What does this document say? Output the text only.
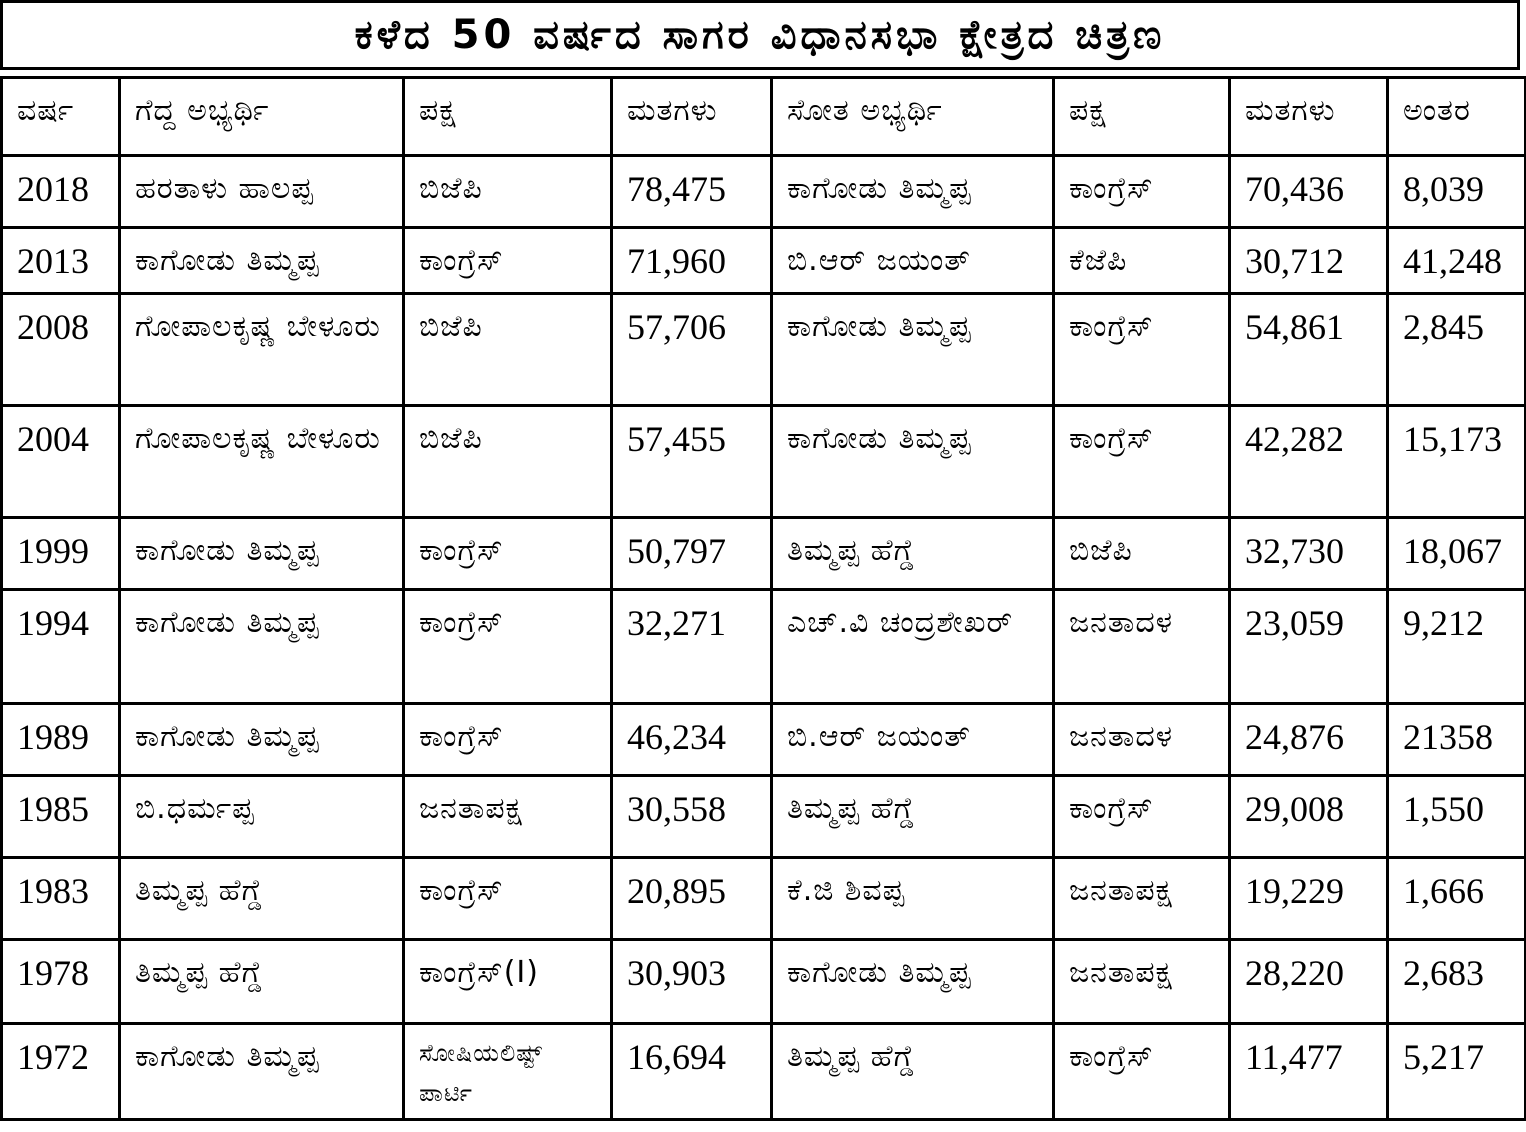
ಕಳೆದ 50 ವರ್ಷದ ಸಾಗರ ವಿಧಾನಸಭಾ ಕ್ಷೇತ್ರದ ಚಿತ್ರಣ
ವರ್ಷ	ಗೆದ್ದ ಅಭ್ಯರ್ಥಿ	ಪಕ್ಷ	ಮತಗಳು	ಸೋತ ಅಭ್ಯರ್ಥಿ	ಪಕ್ಷ	ಮತಗಳು	ಅಂತರ
2018	ಹರತಾಳು ಹಾಲಪ್ಪ	ಬಿಜೆಪಿ	78,475	ಕಾಗೋಡು ತಿಮ್ಮಪ್ಪ	ಕಾಂಗ್ರೆಸ್	70,436	8,039
2013	ಕಾಗೋಡು ತಿಮ್ಮಪ್ಪ	ಕಾಂಗ್ರೆಸ್	71,960	ಬಿ.ಆರ್ ಜಯಂತ್	ಕೆಜೆಪಿ	30,712	41,248
2008	ಗೋಪಾಲಕೃಷ್ಣ ಬೇಳೂರು	ಬಿಜೆಪಿ	57,706	ಕಾಗೋಡು ತಿಮ್ಮಪ್ಪ	ಕಾಂಗ್ರೆಸ್	54,861	2,845
2004	ಗೋಪಾಲಕೃಷ್ಣ ಬೇಳೂರು	ಬಿಜೆಪಿ	57,455	ಕಾಗೋಡು ತಿಮ್ಮಪ್ಪ	ಕಾಂಗ್ರೆಸ್	42,282	15,173
1999	ಕಾಗೋಡು ತಿಮ್ಮಪ್ಪ	ಕಾಂಗ್ರೆಸ್	50,797	ತಿಮ್ಮಪ್ಪ ಹೆಗ್ಡೆ	ಬಿಜೆಪಿ	32,730	18,067
1994	ಕಾಗೋಡು ತಿಮ್ಮಪ್ಪ	ಕಾಂಗ್ರೆಸ್	32,271	ಎಚ್.ವಿ ಚಂದ್ರಶೇಖರ್	ಜನತಾದಳ	23,059	9,212
1989	ಕಾಗೋಡು ತಿಮ್ಮಪ್ಪ	ಕಾಂಗ್ರೆಸ್	46,234	ಬಿ.ಆರ್ ಜಯಂತ್	ಜನತಾದಳ	24,876	21358
1985	ಬಿ.ಧರ್ಮಪ್ಪ	ಜನತಾಪಕ್ಷ	30,558	ತಿಮ್ಮಪ್ಪ ಹೆಗ್ಡೆ	ಕಾಂಗ್ರೆಸ್	29,008	1,550
1983	ತಿಮ್ಮಪ್ಪ ಹೆಗ್ಡೆ	ಕಾಂಗ್ರೆಸ್	20,895	ಕೆ.ಜಿ ಶಿವಪ್ಪ	ಜನತಾಪಕ್ಷ	19,229	1,666
1978	ತಿಮ್ಮಪ್ಪ ಹೆಗ್ಡೆ	ಕಾಂಗ್ರೆಸ್(I)	30,903	ಕಾಗೋಡು ತಿಮ್ಮಪ್ಪ	ಜನತಾಪಕ್ಷ	28,220	2,683
1972	ಕಾಗೋಡು ತಿಮ್ಮಪ್ಪ	ಸೋಷಿಯಲಿಷ್ಟ್ ಪಾರ್ಟಿ	16,694	ತಿಮ್ಮಪ್ಪ ಹೆಗ್ಡೆ	ಕಾಂಗ್ರೆಸ್	11,477	5,217
